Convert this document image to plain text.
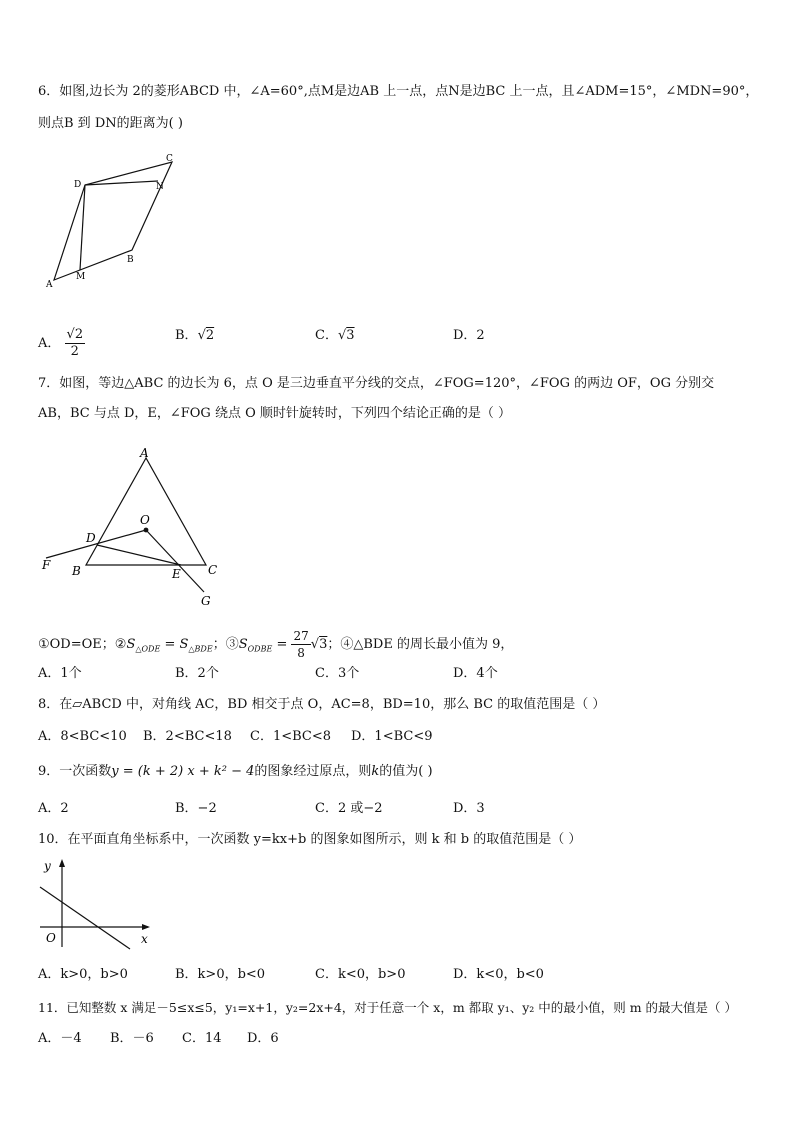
6．如图,边长为 2的菱形ABCD 中，∠A=60°,点M是边AB 上一点，点N是边BC 上一点，且∠ADM=15°，∠MDN=90°，
则点B 到 DN的距离为( )
A
M
B
C
D	N
A． $\frac{√2}{2}$	B．√2	C．√3	D．2
7．如图，等边△ABC 的边长为 6，点 O 是三边垂直平分线的交点，∠FOG=120°，∠FOG 的两边 OF，OG 分别交
AB，BC 与点 D，E，∠FOG 绕点 O 顺时针旋转时，下列四个结论正确的是（ ）
A
O
D
F B	E C
G
①OD=OE；$②S_{\triangle ODE} = S_{\triangle BDE}$；$③S_{ODBE} = \frac{27}{8} √3$；④△BDE 的周长最小值为 9，
A．1个	B．2个	C．3个	D．4个
8．在▱ABCD 中，对角线 AC，BD 相交于点 O，AC=8，BD=10，那么 BC 的取值范围是（ ）
A．8<BC<10 B．2<BC<18 C．1<BC<8 D．1<BC<9
9．一次函数y = (k + 2) x + k² − 4的图象经过原点，则k的值为( )
A．2	B．−2	C．2 或−2	D．3
10．在平面直角坐标系中，一次函数 y=kx+b 的图象如图所示，则 k 和 b 的取值范围是（ ）
y
O	x
A．k>0，b>0	B．k>0，b<0	C．k<0，b>0	D．k<0，b<0
11．已知整数 x 满足－5≤x≤5，y₁=x+1，y₂=2x+4，对于任意一个 x，m 都取 y₁、y₂ 中的最小值，则 m 的最大值是（ ）
A．－4 B．－6 C．14 D．6
